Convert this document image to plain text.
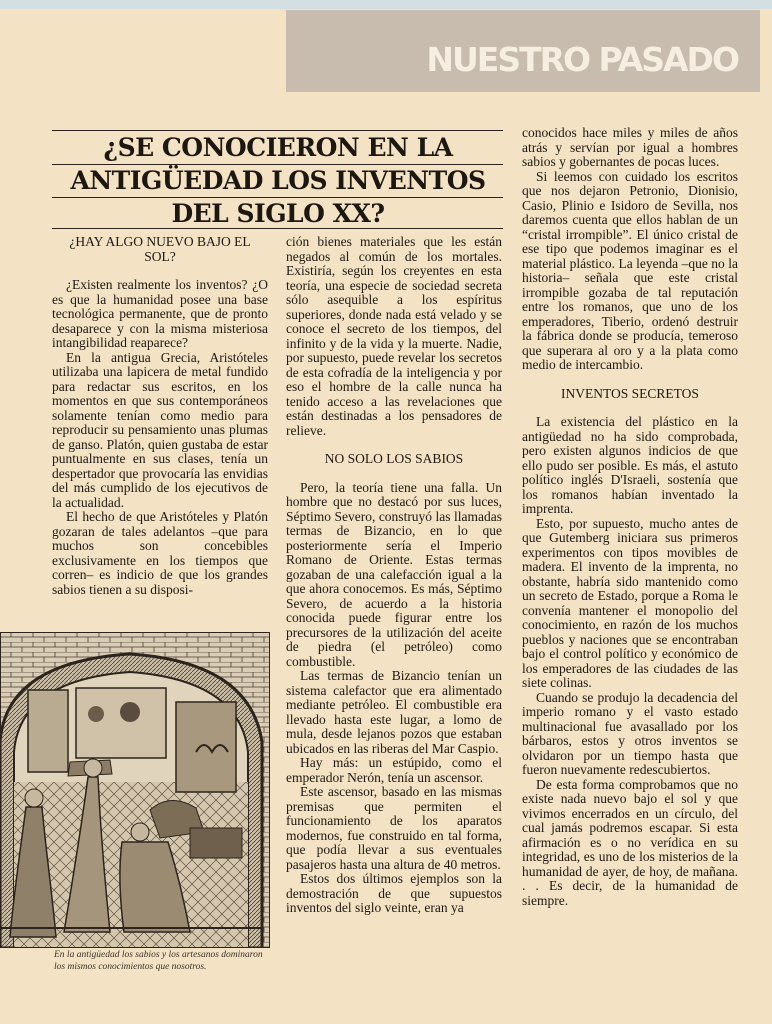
NUESTRO PASADO
¿SE CONOCIERON EN LA
ANTIGÜEDAD LOS INVENTOS
DEL SIGLO XX?

¿HAY ALGO NUEVO BAJO EL SOL?

¿Existen realmente los inventos? ¿O es que la humanidad posee una base tecnológica permanente, que de pronto desaparece y con la misma misteriosa intangibilidad reaparece?

En la antigua Grecia, Aristóteles utilizaba una lapicera de metal fundido para redactar sus escritos, en los momentos en que sus contemporáneos solamente tenían como medio para reproducir su pensamiento unas plumas de ganso. Platón, quien gustaba de estar puntualmente en sus clases, tenía un despertador que provocaría las envidias del más cumplido de los ejecutivos de la actualidad.

El hecho de que Aristóteles y Platón gozaran de tales adelantos –que para muchos son concebibles exclusivamente en los tiempos que corren– es indicio de que los grandes sabios tienen a su disposi-

ción bienes materiales que les están negados al común de los mortales. Existiría, según los creyentes en esta teoría, una especie de sociedad secreta sólo asequible a los espíritus superiores, donde nada está velado y se conoce el secreto de los tiempos, del infinito y de la vida y la muerte. Nadie, por supuesto, puede revelar los secretos de esta cofradía de la inteligencia y por eso el hombre de la calle nunca ha tenido acceso a las revelaciones que están destinadas a los pensadores de relieve.

NO SOLO LOS SABIOS

Pero, la teoría tiene una falla. Un hombre que no destacó por sus luces, Séptimo Severo, construyó las llamadas termas de Bizancio, en lo que posteriormente sería el Imperio Romano de Oriente. Estas termas gozaban de una calefacción igual a la que ahora conocemos. Es más, Séptimo Severo, de acuerdo a la historia conocida puede figurar entre los precursores de la utilización del aceite de piedra (el petróleo) como combustible.

Las termas de Bizancio tenían un sistema calefactor que era alimentado mediante petróleo. El combustible era llevado hasta este lugar, a lomo de mula, desde lejanos pozos que estaban ubicados en las riberas del Mar Caspio.

Hay más: un estúpido, como el emperador Nerón, tenía un ascensor.

Este ascensor, basado en las mismas premisas que permiten el funcionamiento de los aparatos modernos, fue construido en tal forma, que podía llevar a sus eventuales pasajeros hasta una altura de 40 metros.

Estos dos últimos ejemplos son la demostración de que supuestos inventos del siglo veinte, eran ya

conocidos hace miles y miles de años atrás y servían por igual a hombres sabios y gobernantes de pocas luces.

Si leemos con cuidado los escritos que nos dejaron Petronio, Dionisio, Casio, Plinio e Isidoro de Sevilla, nos daremos cuenta que ellos hablan de un “cristal irrompible”. El único cristal de ese tipo que podemos imaginar es el material plástico. La leyenda –que no la historia– señala que este cristal irrompible gozaba de tal reputación entre los romanos, que uno de los emperadores, Tiberio, ordenó destruir la fábrica donde se producía, temeroso que superara al oro y a la plata como medio de intercambio.

INVENTOS SECRETOS

La existencia del plástico en la antigüedad no ha sido comprobada, pero existen algunos indicios de que ello pudo ser posible. Es más, el astuto político inglés D'Israeli, sostenía que los romanos habían inventado la imprenta.

Esto, por supuesto, mucho antes de que Gutemberg iniciara sus primeros experimentos con tipos movibles de madera. El invento de la imprenta, no obstante, habría sido mantenido como un secreto de Estado, porque a Roma le convenía mantener el monopolio del conocimiento, en razón de los muchos pueblos y naciones que se encontraban bajo el control político y económico de los emperadores de las ciudades de las siete colinas.

Cuando se produjo la decadencia del imperio romano y el vasto estado multinacional fue avasallado por los bárbaros, estos y otros inventos se olvidaron por un tiempo hasta que fueron nuevamente redescubiertos.

De esta forma comprobamos que no existe nada nuevo bajo el sol y que vivimos encerrados en un círculo, del cual jamás podremos escapar. Si esta afirmación es o no verídica en su integridad, es uno de los misterios de la humanidad de ayer, de hoy, de mañana. . . Es decir, de la humanidad de siempre.

En la antigüedad los sabios y los artesanos dominaron los mismos conocimientos que nosotros.
